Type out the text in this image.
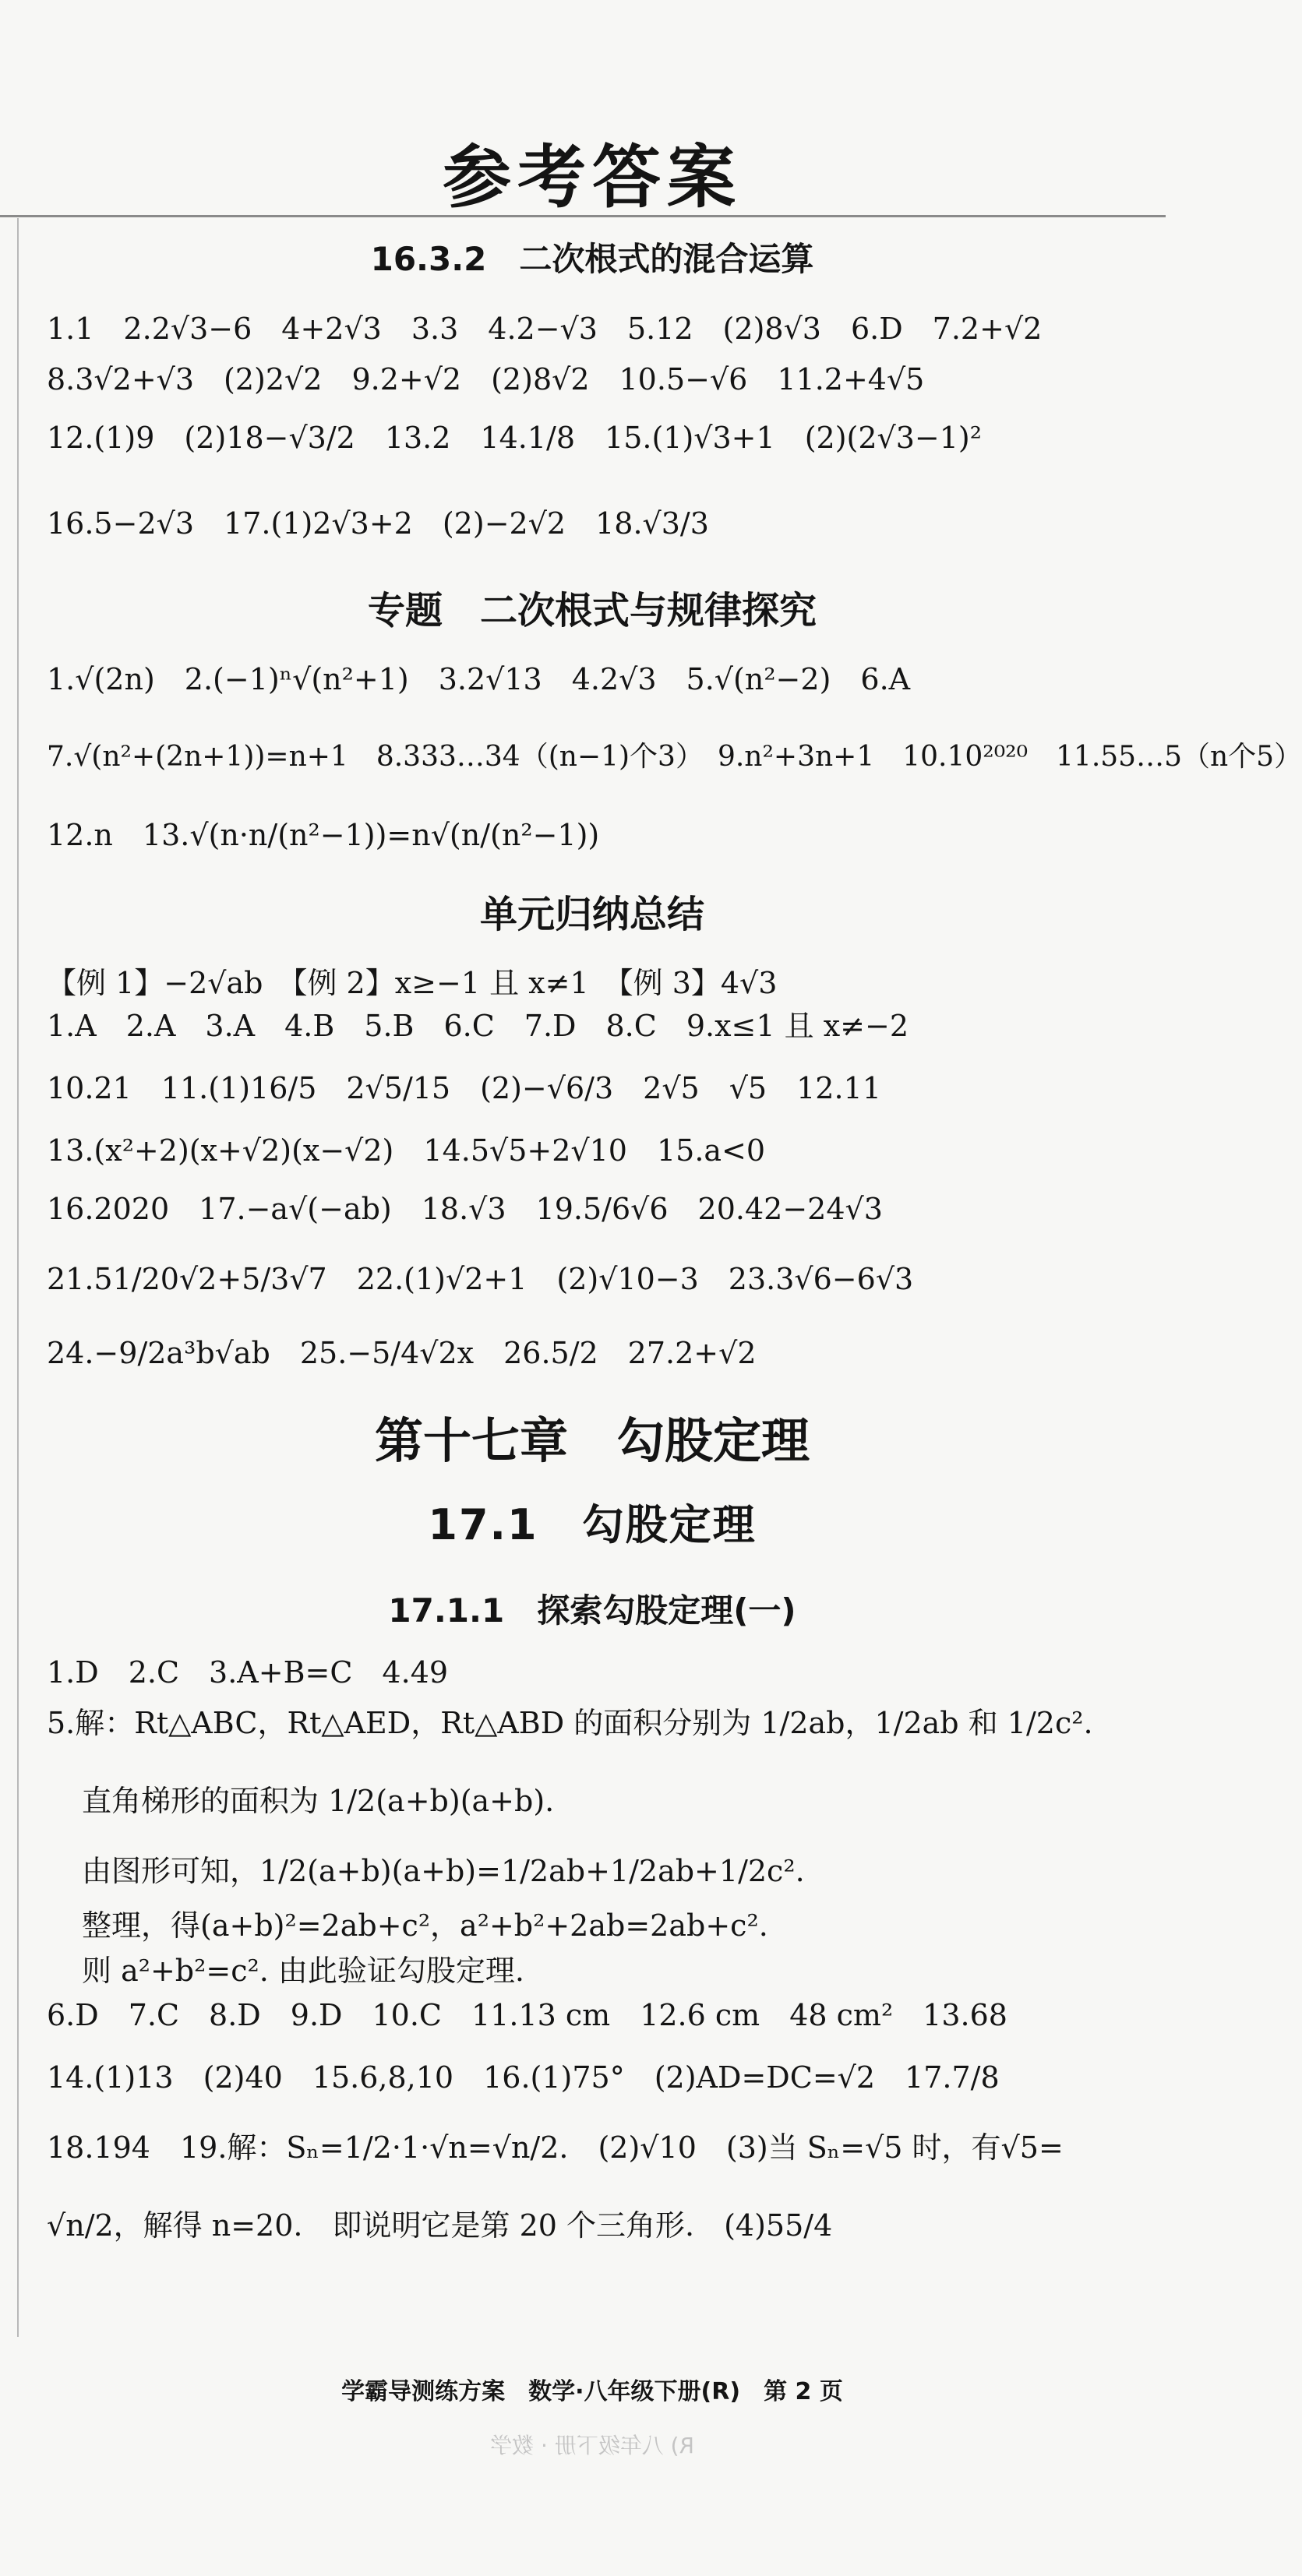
参考答案
16.3.2　二次根式的混合运算
1.1　2.2√3−6　4+2√3　3.3　4.2−√3　5.12　(2)8√3　6.D　7.2+√2
8.3√2+√3　(2)2√2　9.2+√2　(2)8√2　10.5−√6　11.2+4√5
12.(1)9　(2)18−√3/2　13.2　14.1/8　15.(1)√3+1　(2)(2√3−1)²
16.5−2√3　17.(1)2√3+2　(2)−2√2　18.√3/3
专题　二次根式与规律探究
1.√(2n)　2.(−1)ⁿ√(n²+1)　3.2√13　4.2√3　5.√(n²−2)　6.A
7.√(n²+(2n+1))=n+1　8.333…34（(n−1)个3）　9.n²+3n+1　10.10²⁰²⁰　11.55…5（n个5）
12.n　13.√(n·n/(n²−1))=n√(n/(n²−1))
单元归纳总结
【例 1】−2√ab　【例 2】x≥−1 且 x≠1　【例 3】4√3
1.A　2.A　3.A　4.B　5.B　6.C　7.D　8.C　9.x≤1 且 x≠−2
10.21　11.(1)16/5　2√5/15　(2)−√6/3　2√5　√5　12.11
13.(x²+2)(x+√2)(x−√2)　14.5√5+2√10　15.a<0
16.2020　17.−a√(−ab)　18.√3　19.5/6√6　20.42−24√3
21.51/20√2+5/3√7　22.(1)√2+1　(2)√10−3　23.3√6−6√3
24.−9/2a³b√ab　25.−5/4√2x　26.5/2　27.2+√2
第十七章　勾股定理
17.1　勾股定理
17.1.1　探索勾股定理(一)
1.D　2.C　3.A+B=C　4.49
5.解：Rt△ABC，Rt△AED，Rt△ABD 的面积分别为 1/2ab，1/2ab 和 1/2c².
直角梯形的面积为 1/2(a+b)(a+b).
由图形可知，1/2(a+b)(a+b)=1/2ab+1/2ab+1/2c².
整理，得(a+b)²=2ab+c²，a²+b²+2ab=2ab+c².
则 a²+b²=c². 由此验证勾股定理.
6.D　7.C　8.D　9.D　10.C　11.13 cm　12.6 cm　48 cm²　13.68
14.(1)13　(2)40　15.6,8,10　16.(1)75°　(2)AD=DC=√2　17.7/8
18.194　19.解：Sₙ=1/2·1·√n=√n/2.　(2)√10　(3)当 Sₙ=√5 时，有√5=
√n/2，解得 n=20.　即说明它是第 20 个三角形.　(4)55/4
学霸导测练方案　数学·八年级下册(R)　第 2 页
R) 八年级下册 · 数学
